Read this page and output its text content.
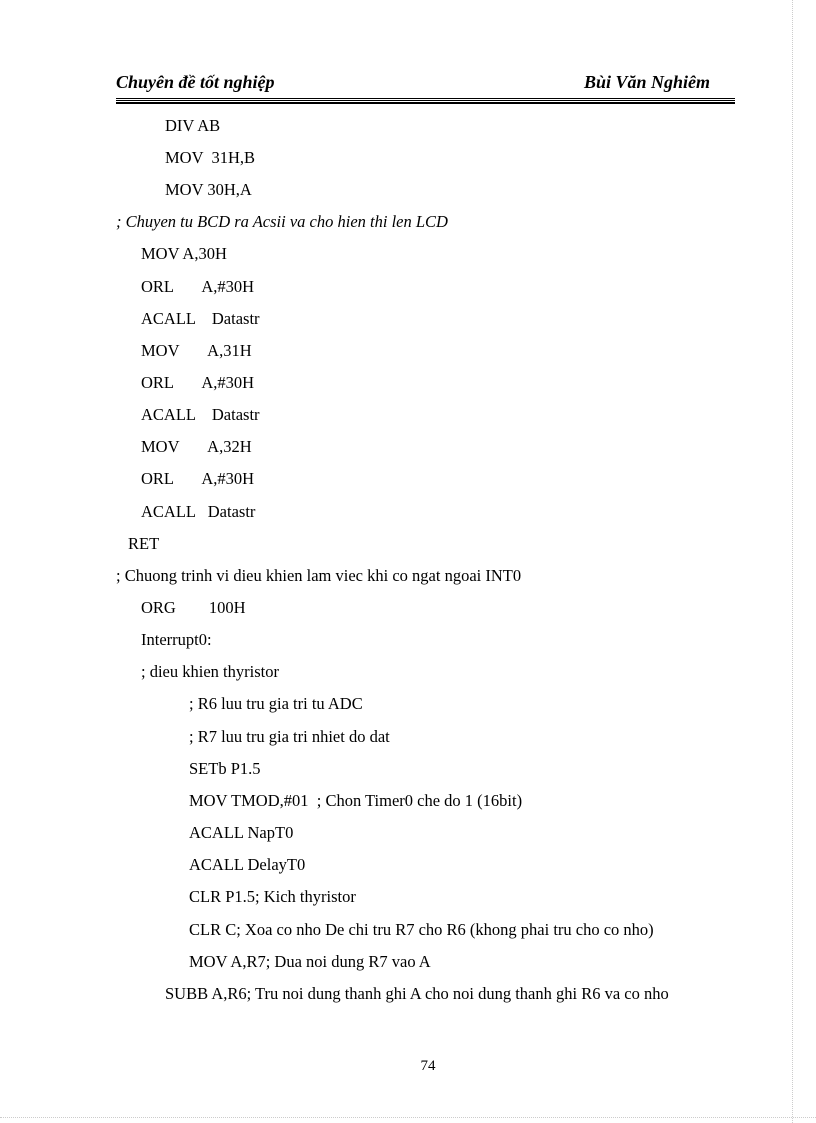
Chuyên đề tốt nghiệp	Bùi Văn Nghiêm
DIV AB
MOV  31H,B
MOV 30H,A
; Chuyen tu BCD ra Acsii va cho hien thi len LCD
MOV A,30H
ORL       A,#30H
ACALL    Datastr
MOV       A,31H
ORL       A,#30H
ACALL    Datastr
MOV       A,32H
ORL       A,#30H
ACALL   Datastr
RET
; Chuong trinh vi dieu khien lam viec khi co ngat ngoai INT0
ORG        100H
Interrupt0:
; dieu khien thyristor
; R6 luu tru gia tri tu ADC
; R7 luu tru gia tri nhiet do dat
SETb P1.5
MOV TMOD,#01  ; Chon Timer0 che do 1 (16bit)
ACALL NapT0
ACALL DelayT0
CLR P1.5; Kich thyristor
CLR C; Xoa co nho De chi tru R7 cho R6 (khong phai tru cho co nho)
MOV A,R7; Dua noi dung R7 vao A
SUBB A,R6; Tru noi dung thanh ghi A cho noi dung thanh ghi R6 va co nho
74
